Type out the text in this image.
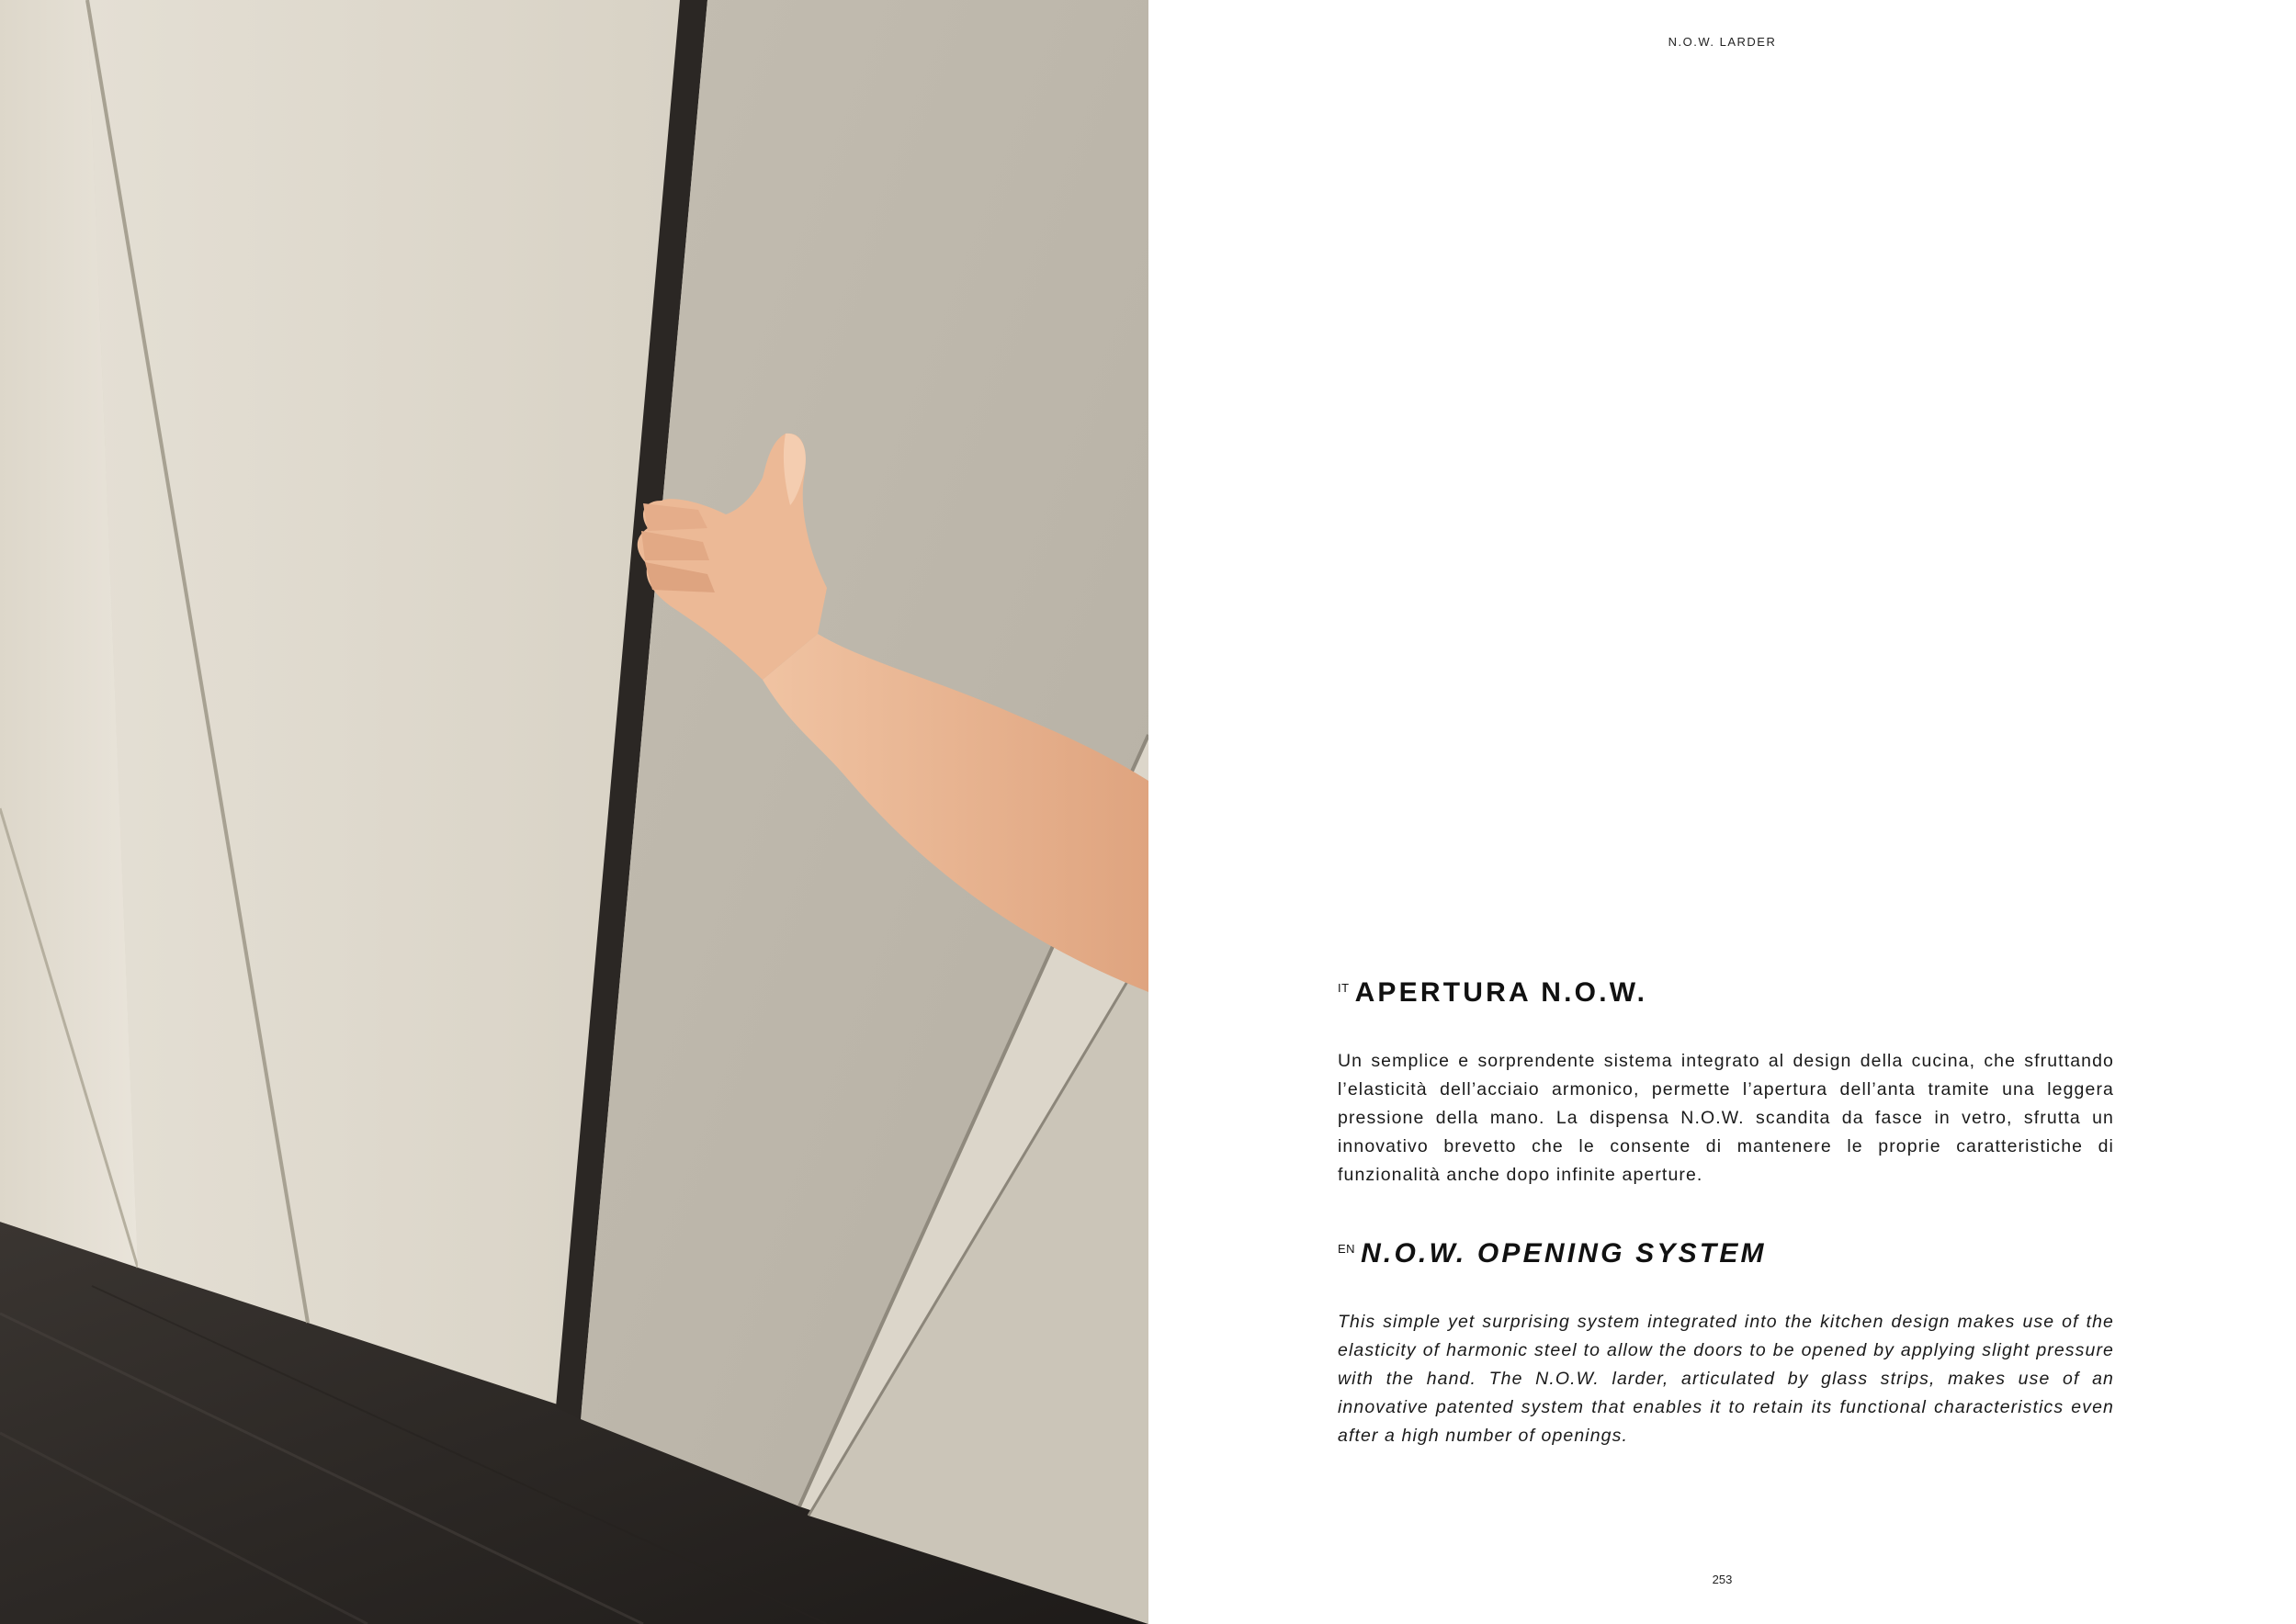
N.O.W. LARDER
IT APERTURA N.O.W.

Un semplice e sorprendente sistema integrato al design della cucina, che sfruttando l’elasticità dell’acciaio armonico, permette l’apertura dell’anta tramite una leggera pressione della mano. La dispensa N.O.W. scandita da fasce in vetro, sfrutta un innovativo brevetto che le consente di mantenere le proprie caratteristiche di funzionalità anche dopo infinite aperture.

EN N.O.W. OPENING SYSTEM

This simple yet surprising system integrated into the kitchen design makes use of the elasticity of harmonic steel to allow the doors to be opened by applying slight pressure with the hand. The N.O.W. larder, articulated by glass strips, makes use of an innovative patented system that enables it to retain its functional characteristics even after a high number of openings.

253
